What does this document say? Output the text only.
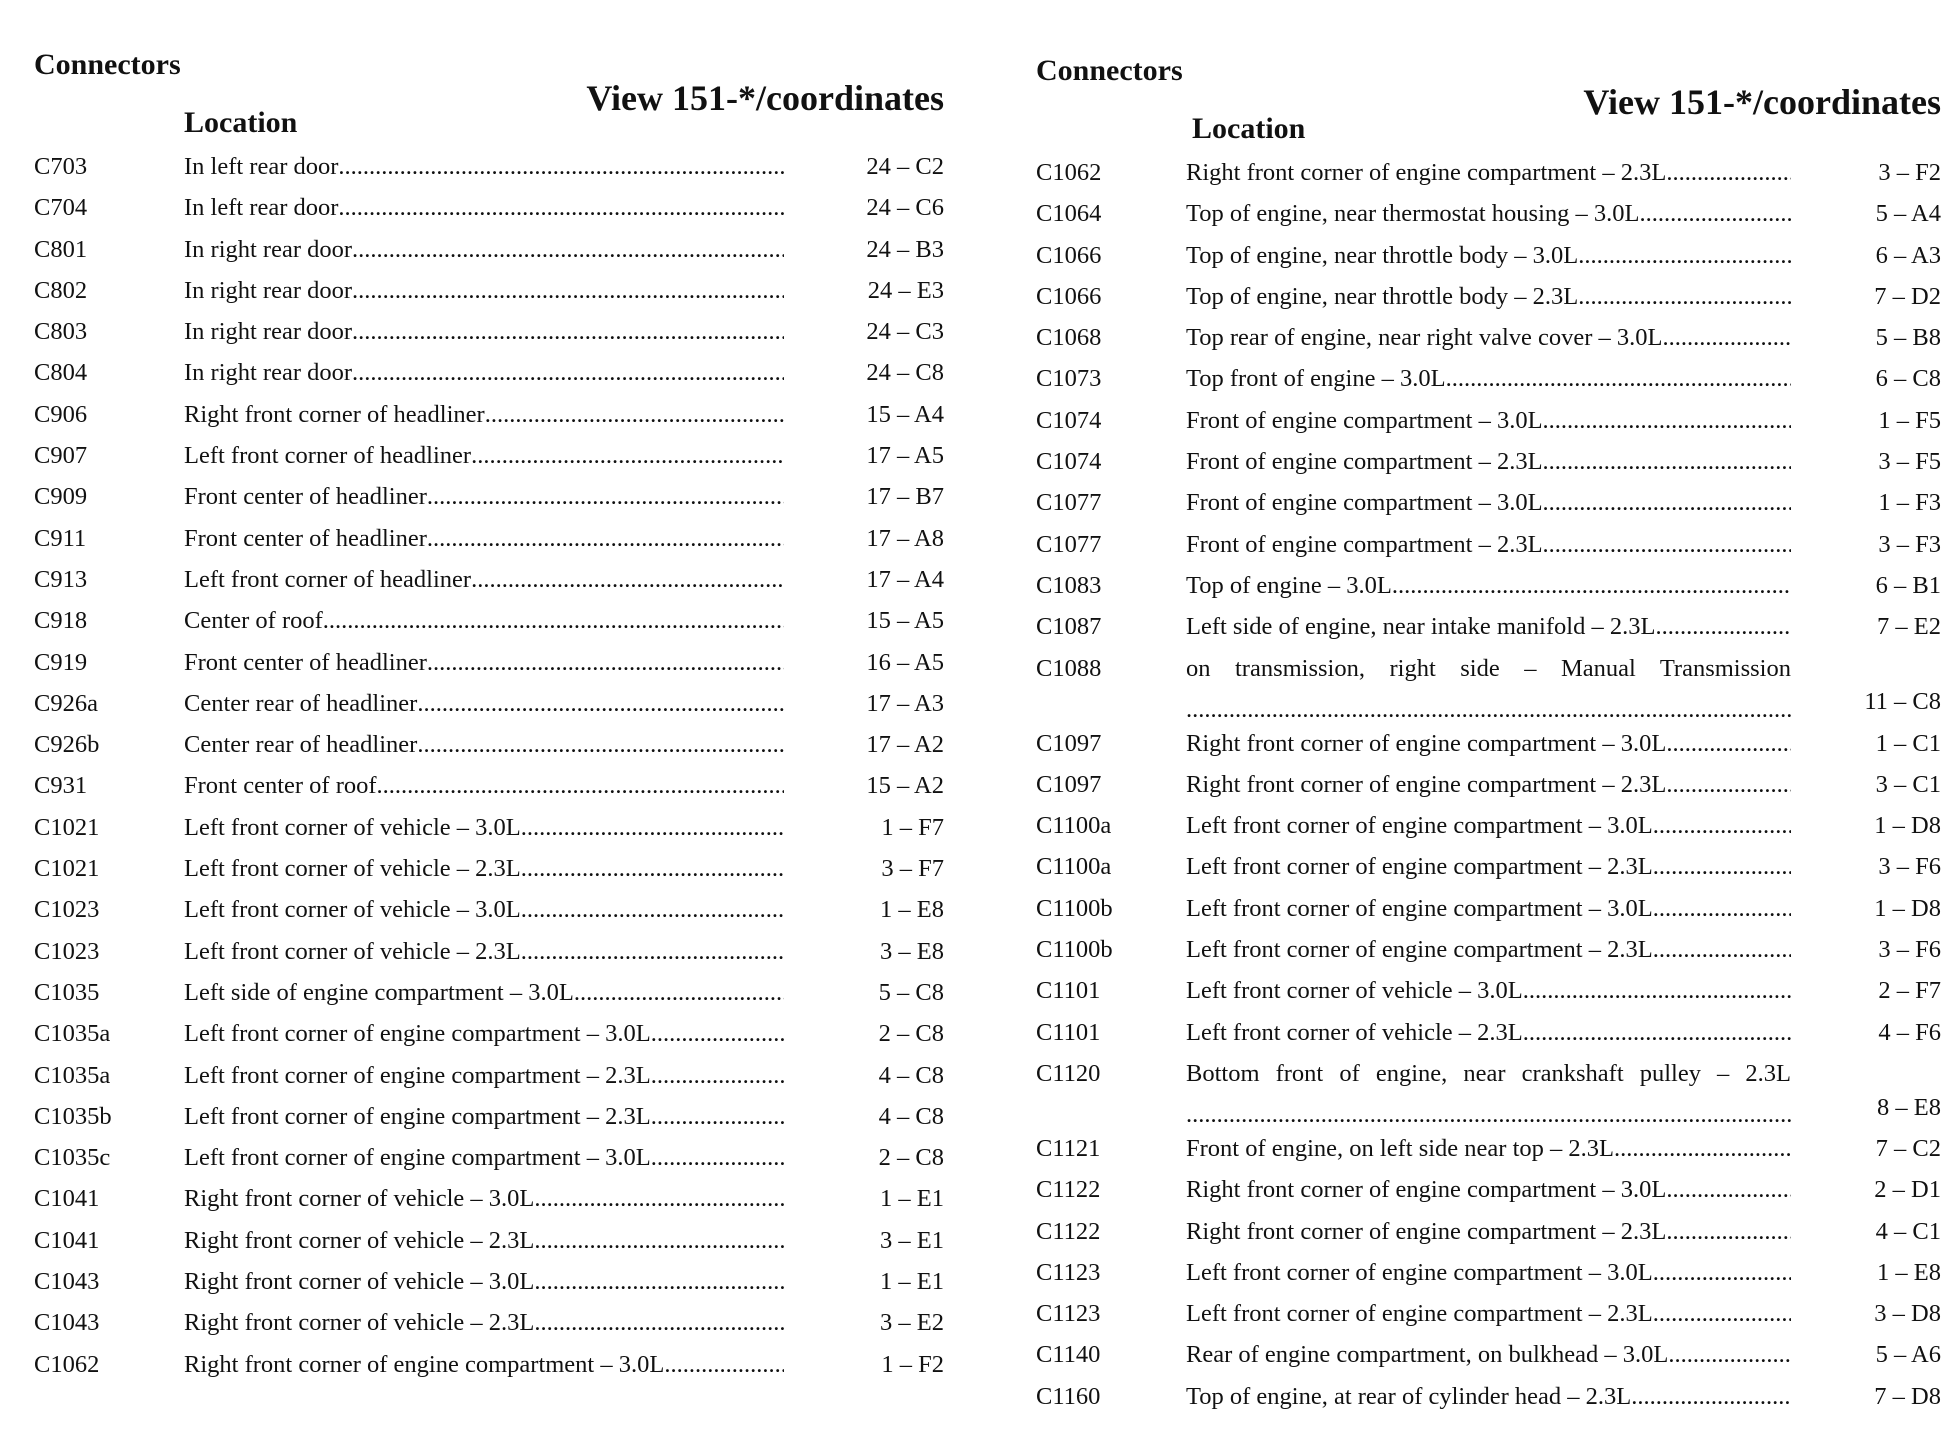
Connectors
View 151-*/coordinates
Location
C703	In left rear door .....	24 – C2
C704	In left rear door .....	24 – C6
C801	In right rear door .....	24 – B3
C802	In right rear door .....	24 – E3
C803	In right rear door .....	24 – C3
C804	In right rear door .....	24 – C8
C906	Right front corner of headliner .....	15 – A4
C907	Left front corner of headliner .....	17 – A5
C909	Front center of headliner .....	17 – B7
C911	Front center of headliner .....	17 – A8
C913	Left front corner of headliner .....	17 – A4
C918	Center of roof .....	15 – A5
C919	Front center of headliner .....	16 – A5
C926a	Center rear of headliner .....	17 – A3
C926b	Center rear of headliner .....	17 – A2
C931	Front center of roof .....	15 – A2
C1021	Left front corner of vehicle – 3.0L .....	1 – F7
C1021	Left front corner of vehicle – 2.3L .....	3 – F7
C1023	Left front corner of vehicle – 3.0L .....	1 – E8
C1023	Left front corner of vehicle – 2.3L .....	3 – E8
C1035	Left side of engine compartment – 3.0L .....	5 – C8
C1035a	Left front corner of engine compartment – 3.0L .....	2 – C8
C1035a	Left front corner of engine compartment – 2.3L .....	4 – C8
C1035b	Left front corner of engine compartment – 2.3L .....	4 – C8
C1035c	Left front corner of engine compartment – 3.0L .....	2 – C8
C1041	Right front corner of vehicle – 3.0L .....	1 – E1
C1041	Right front corner of vehicle – 2.3L .....	3 – E1
C1043	Right front corner of vehicle – 3.0L .....	1 – E1
C1043	Right front corner of vehicle – 2.3L .....	3 – E2
C1062	Right front corner of engine compartment – 3.0L .....	1 – F2
Connectors
View 151-*/coordinates
Location
C1062	Right front corner of engine compartment – 2.3L .....	3 – F2
C1064	Top of engine, near thermostat housing – 3.0L .....	5 – A4
C1066	Top of engine, near throttle body – 3.0L .....	6 – A3
C1066	Top of engine, near throttle body – 2.3L .....	7 – D2
C1068	Top rear of engine, near right valve cover – 3.0L .....	5 – B8
C1073	Top front of engine – 3.0L .....	6 – C8
C1074	Front of engine compartment – 3.0L .....	1 – F5
C1074	Front of engine compartment – 2.3L .....	3 – F5
C1077	Front of engine compartment – 3.0L .....	1 – F3
C1077	Front of engine compartment – 2.3L .....	3 – F3
C1083	Top of engine – 3.0L .....	6 – B1
C1087	Left side of engine, near intake manifold – 2.3L .....	7 – E2
C1088	on transmission, right side – Manual Transmission
.....
11 – C8
C1097	Right front corner of engine compartment – 3.0L .....	1 – C1
C1097	Right front corner of engine compartment – 2.3L .....	3 – C1
C1100a	Left front corner of engine compartment – 3.0L .....	1 – D8
C1100a	Left front corner of engine compartment – 2.3L .....	3 – F6
C1100b	Left front corner of engine compartment – 3.0L .....	1 – D8
C1100b	Left front corner of engine compartment – 2.3L .....	3 – F6
C1101	Left front corner of vehicle – 3.0L .....	2 – F7
C1101	Left front corner of vehicle – 2.3L .....	4 – F6
C1120	Bottom front of engine, near crankshaft pulley – 2.3L
.....
8 – E8
C1121	Front of engine, on left side near top – 2.3L .....	7 – C2
C1122	Right front corner of engine compartment – 3.0L .....	2 – D1
C1122	Right front corner of engine compartment – 2.3L .....	4 – C1
C1123	Left front corner of engine compartment – 3.0L .....	1 – E8
C1123	Left front corner of engine compartment – 2.3L .....	3 – D8
C1140	Rear of engine compartment, on bulkhead – 3.0L .....	5 – A6
C1160	Top of engine, at rear of cylinder head – 2.3L .....	7 – D8
